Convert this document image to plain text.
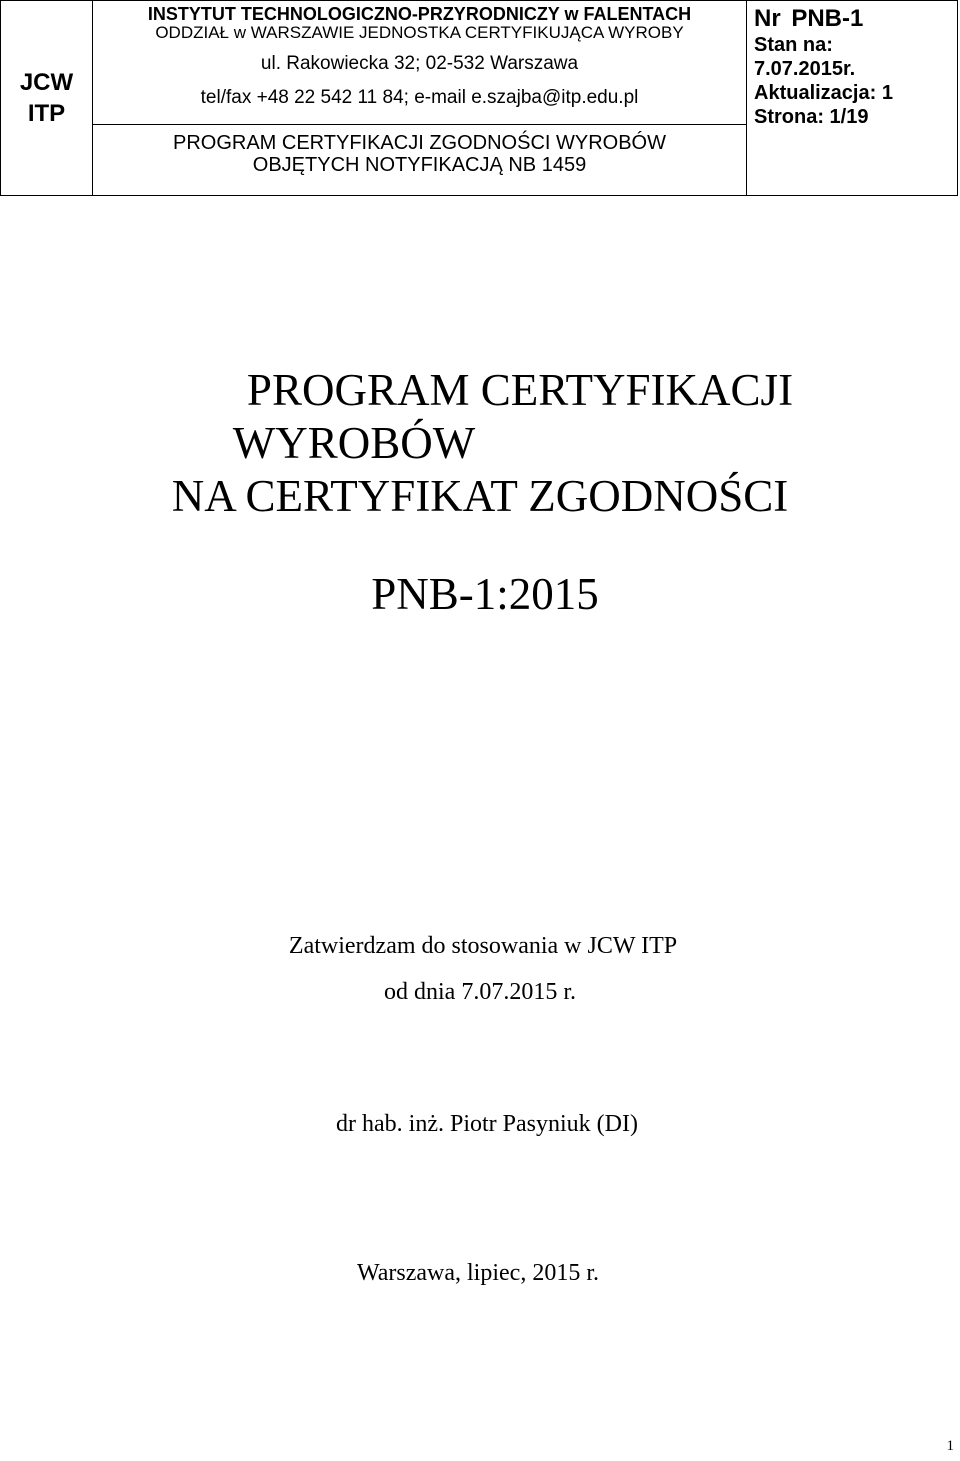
JCW
ITP

INSTYTUT TECHNOLOGICZNO-PRZYRODNICZY w FALENTACH
ODDZIAŁ w WARSZAWIE JEDNOSTKA CERTYFIKUJĄCA WYROBY
ul. Rakowiecka 32; 02-532 Warszawa
tel/fax +48 22 542 11 84; e-mail e.szajba@itp.edu.pl
PROGRAM CERTYFIKACJI ZGODNOŚCI WYROBÓW
OBJĘTYCH NOTYFIKACJĄ NB 1459

Nr PNB-1
Stan na:
7.07.2015r.
Aktualizacja: 1
Strona: 1/19
PROGRAM CERTYFIKACJI
WYROBÓW
NA CERTYFIKAT ZGODNOŚCI
PNB-1:2015
Zatwierdzam do stosowania w JCW ITP
od dnia 7.07.2015 r.
dr hab. inż. Piotr Pasyniuk (DI)
Warszawa, lipiec, 2015 r.
1
